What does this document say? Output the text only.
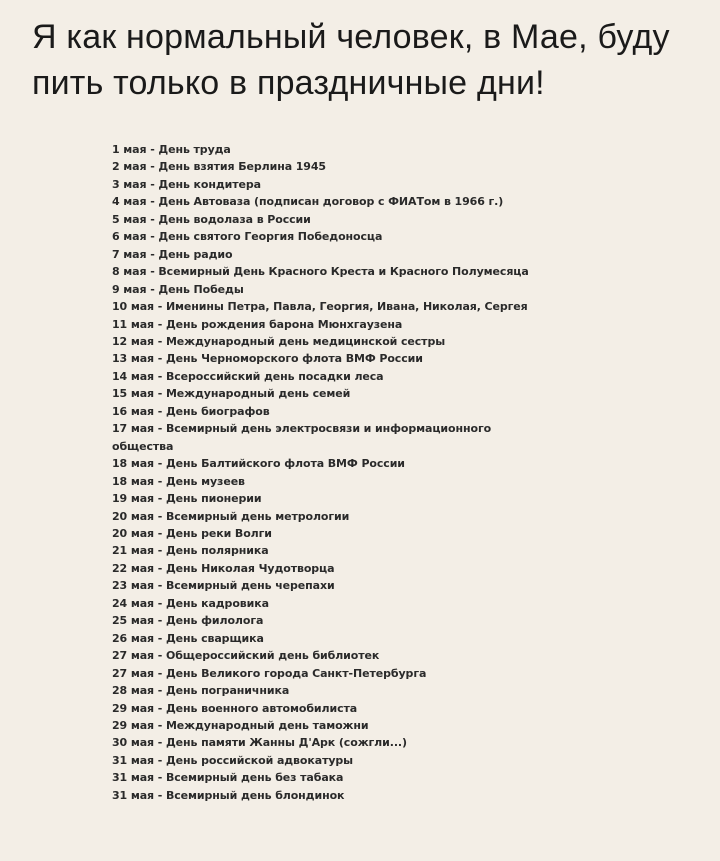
Я как нормальный человек, в Мае, буду
пить только в праздничные дни!
1 мая - День труда
2 мая - День взятия Берлина 1945
3 мая - День кондитера
4 мая - День Автоваза (подписан договор с ФИАТом в 1966 г.)
5 мая - День водолаза в России
6 мая - День святого Георгия Победоносца
7 мая - День радио
8 мая - Всемирный День Красного Креста и Красного Полумесяца
9 мая - День Победы
10 мая - Именины Петра, Павла, Георгия, Ивана, Николая, Сергея
11 мая - День рождения барона Мюнхгаузена
12 мая - Международный день медицинской сестры
13 мая - День Черноморского флота ВМФ России
14 мая - Всероссийский день посадки леса
15 мая - Международный день семей
16 мая - День биографов
17 мая - Всемирный день электросвязи и информационного
общества
18 мая - День Балтийского флота ВМФ России
18 мая - День музеев
19 мая - День пионерии
20 мая - Всемирный день метрологии
20 мая - День реки Волги
21 мая - День полярника
22 мая - День Николая Чудотворца
23 мая - Всемирный день черепахи
24 мая - День кадровика
25 мая - День филолога
26 мая - День сварщика
27 мая - Общероссийский день библиотек
27 мая - День Великого города Санкт-Петербурга
28 мая - День пограничника
29 мая - День военного автомобилиста
29 мая - Международный день таможни
30 мая - День памяти Жанны Д'Арк (сожгли...)
31 мая - День российской адвокатуры
31 мая - Всемирный день без табака
31 мая - Всемирный день блондинок
